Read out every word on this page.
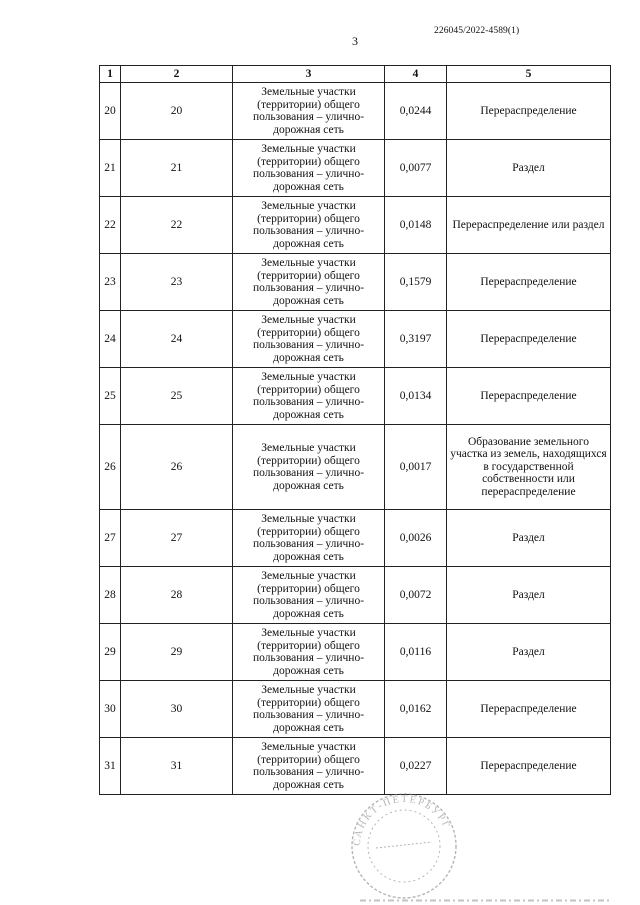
3
226045/2022-4589(1)
1	2	3	4	5
20	20	Земельные участки (территории) общего пользования – улично-дорожная сеть	0,0244	Перераспределение

21	21	Земельные участки (территории) общего пользования – улично-дорожная сеть	0,0077	Раздел

22	22	Земельные участки (территории) общего пользования – улично-дорожная сеть	0,0148	Перераспределение или раздел

23	23	Земельные участки (территории) общего пользования – улично-дорожная сеть	0,1579	Перераспределение

24	24	Земельные участки (территории) общего пользования – улично-дорожная сеть	0,3197	Перераспределение

25	25	Земельные участки (территории) общего пользования – улично-дорожная сеть	0,0134	Перераспределение

26	26	Земельные участки (территории) общего пользования – улично-дорожная сеть	0,0017	Образование земельного участка из земель, находящихся в государственной собственности или перераспределение

27	27	Земельные участки (территории) общего пользования – улично-дорожная сеть	0,0026	Раздел

28	28	Земельные участки (территории) общего пользования – улично-дорожная сеть	0,0072	Раздел

29	29	Земельные участки (территории) общего пользования – улично-дорожная сеть	0,0116	Раздел

30	30	Земельные участки (территории) общего пользования – улично-дорожная сеть	0,0162	Перераспределение

31	31	Земельные участки (территории) общего пользования – улично-дорожная сеть	0,0227	Перераспределение
САНКТ-ПЕТЕРБУРГ
